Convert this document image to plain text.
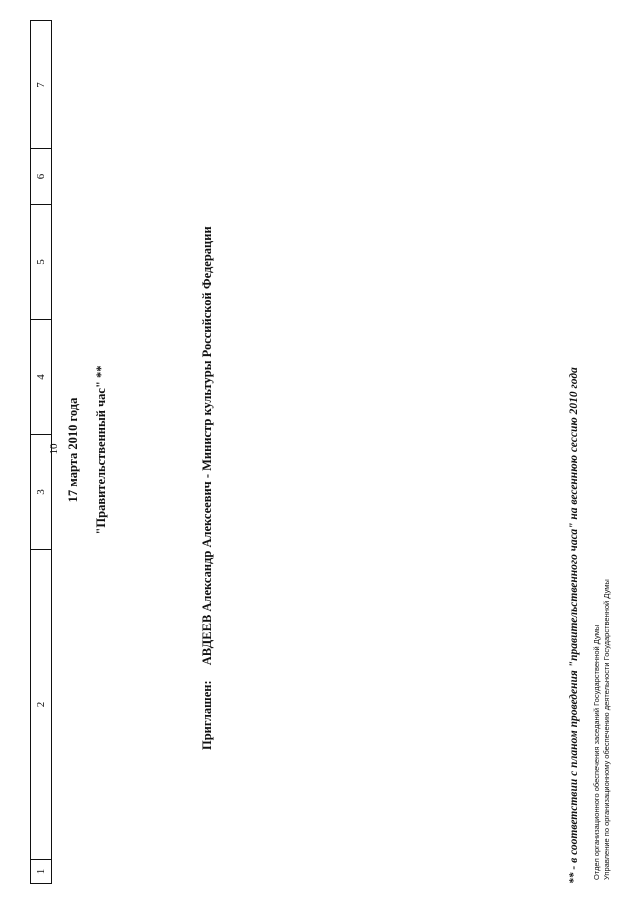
10
1
2
3
4
5
6
7
17 марта 2010 года "Правительственный час" **
Приглашен: АВДЕЕВ Александр Алексеевич - Министр культуры Российской Федерации	** - в соответствии с планом проведения "правительственного часа" на весеннюю сессию 2010 года Отдел организационного обеспечения заседаний Государственной Думы Управление по организационному обеспечению деятельности Государственной Думы
